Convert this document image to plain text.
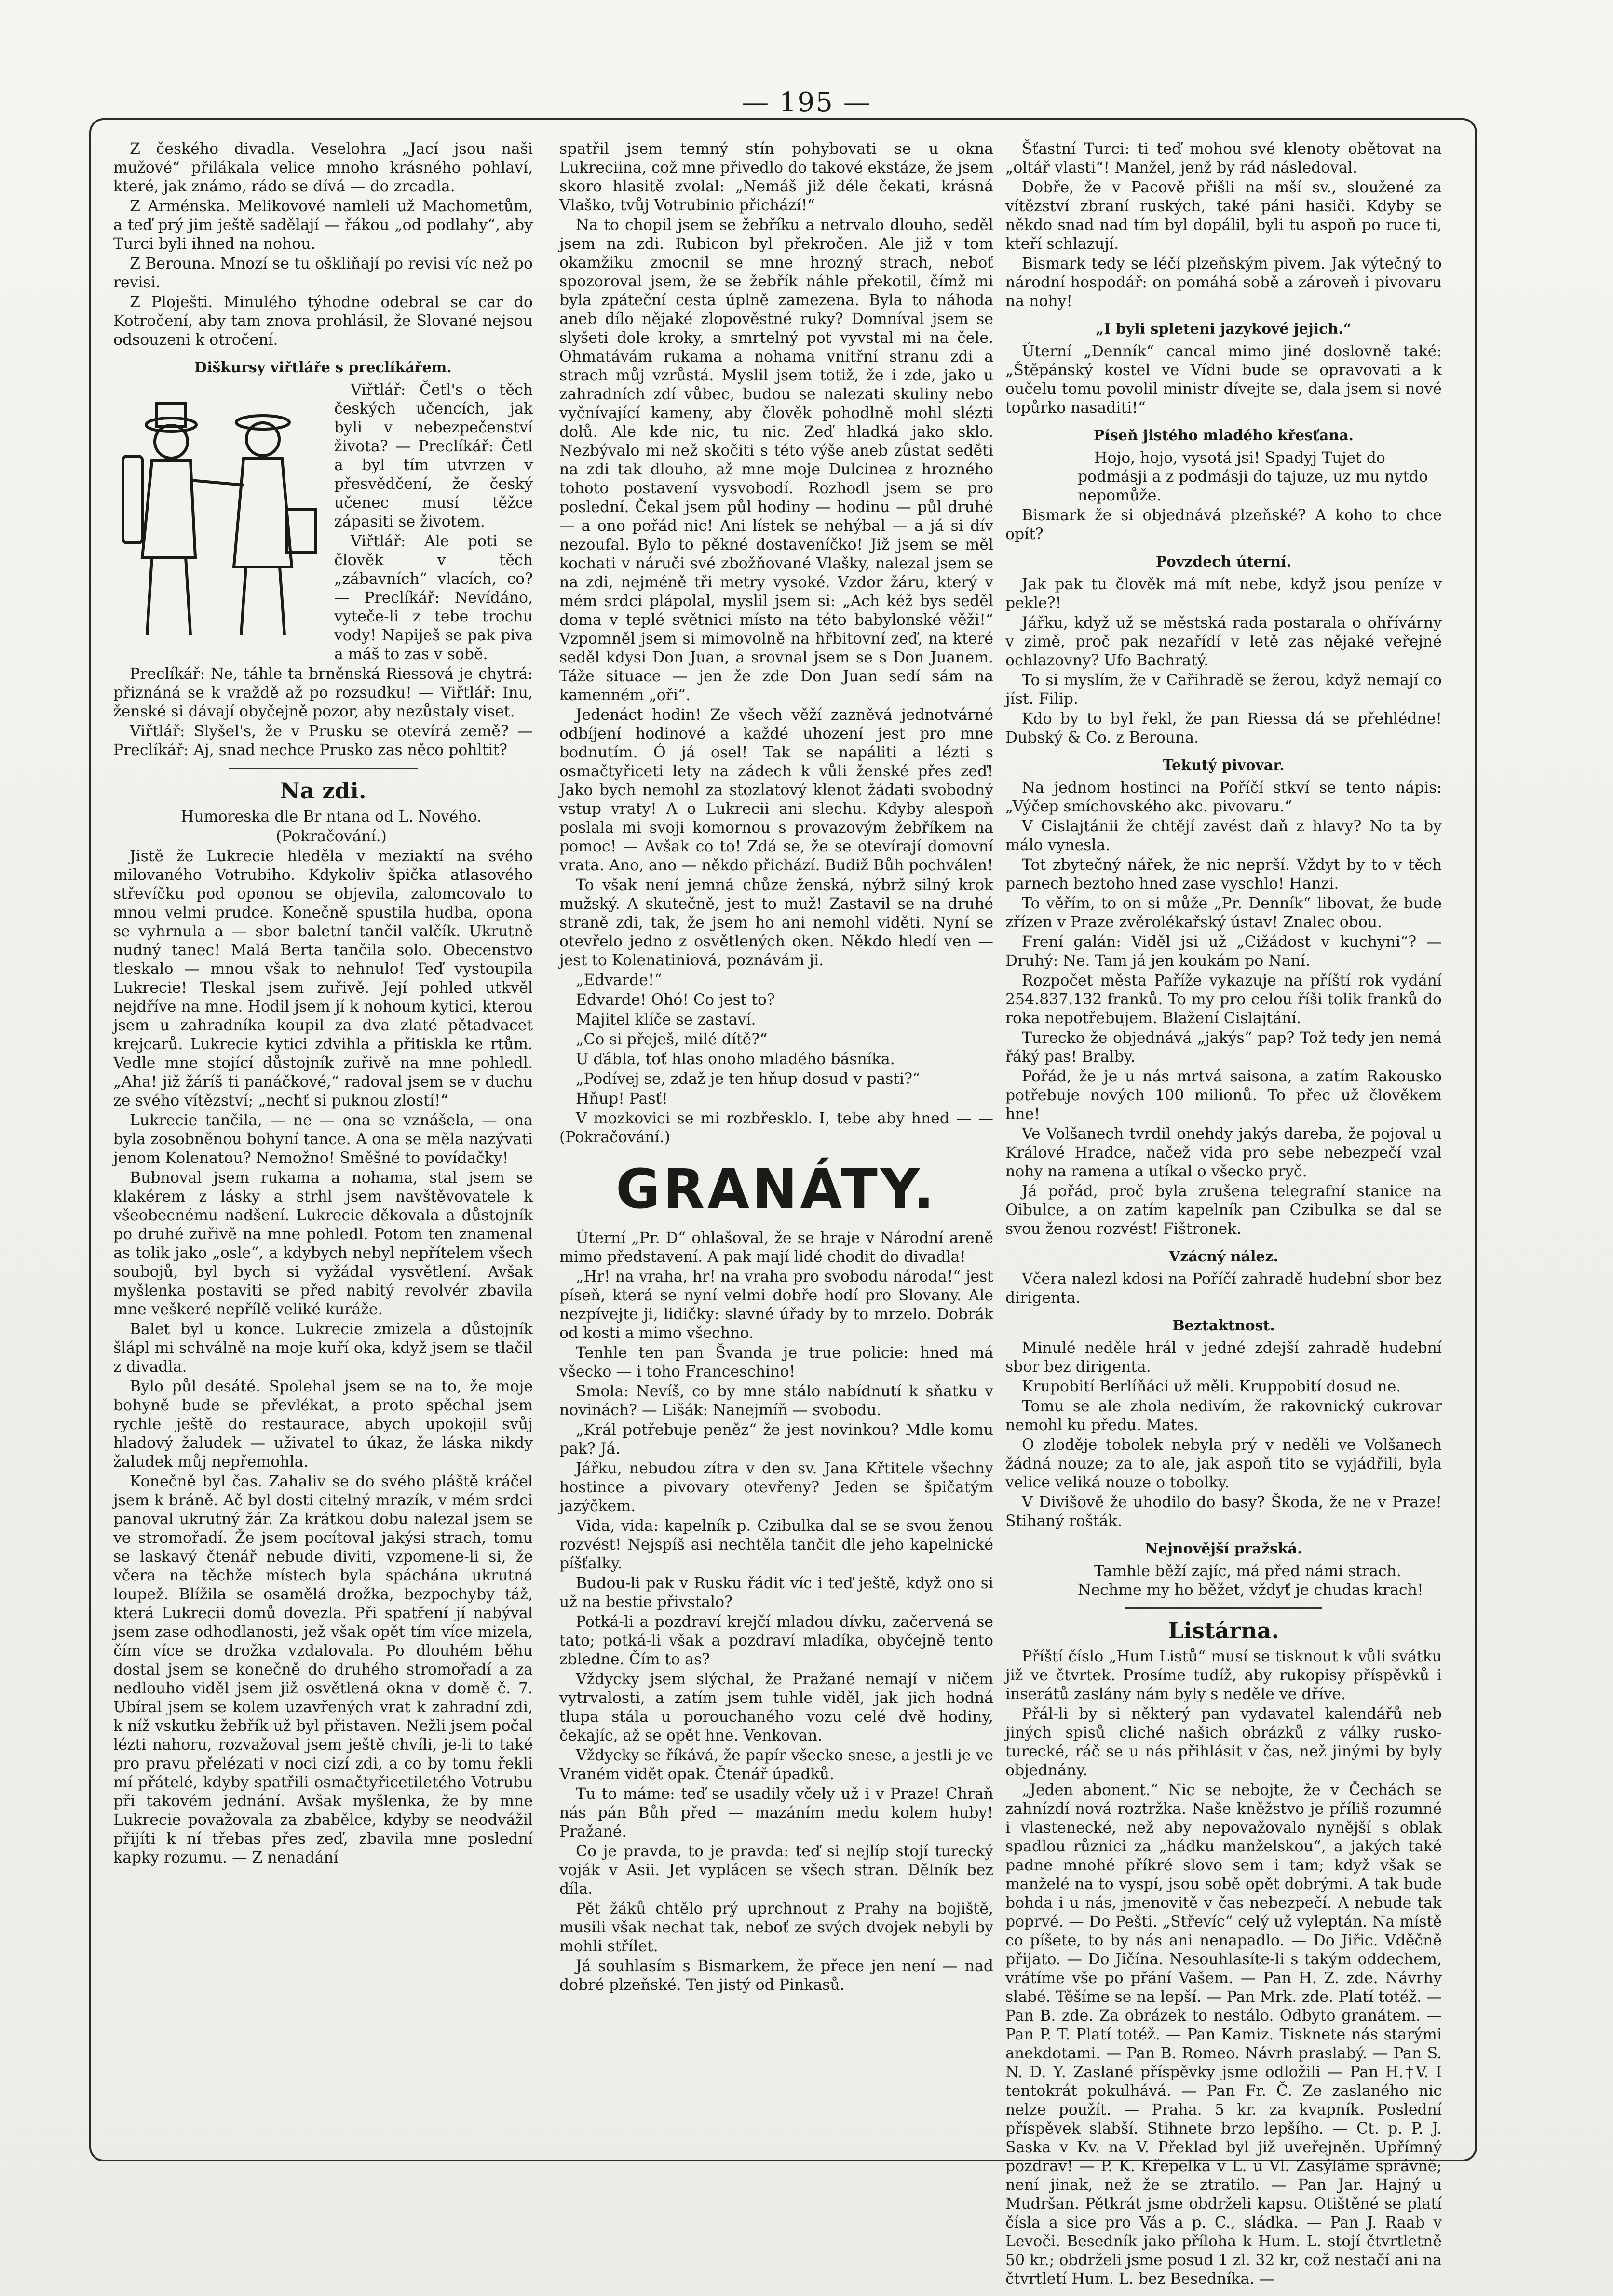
— 195 —

Z českého divadla. Veselohra „Jací jsou naši mužové“ přilákala velice mnoho krásného pohlaví, které, jak známo, rádo se dívá — do zrcadla.

Z Arménska. Melikovové namleli už Machometům, a teď prý jim ještě sadělají — řákou „od podlahy“, aby Turci byli ihned na nohou.

Z Berouna. Mnozí se tu oškliňají po revisi víc než po revisi.

Z Ploješti. Minulého týhodne odebral se car do Kotročení, aby tam znova prohlásil, že Slované nejsou odsouzeni k otročení.

Diškursy viřtláře s preclíkářem.

Viřtlář: Četl's o těch českých učencích, jak byli v nebezpečenství života? — Preclíkář: Četl a byl tím utvrzen v přesvědčení, že český učenec musí těžce zápasiti se životem.

Viřtlář: Ale poti se člověk v těch „zábavních“ vlacích, co? — Preclíkář: Nevídáno, vyteče-li z tebe trochu vody! Napiješ se pak piva a máš to zas v sobě.

Preclíkář: Ne, táhle ta brněnská Riessová je chytrá: přiznáná se k vraždě až po rozsudku! — Viřtlář: Inu, ženské si dávají obyčejně pozor, aby nezůstaly viset.

Viřtlář: Slyšel's, že v Prusku se otevírá země? — Preclíkář: Aj, snad nechce Prusko zas něco pohltit?

Na zdi.

Humoreska dle Br ntana od L. Nového.

(Pokračování.)

Jistě že Lukrecie hleděla v meziaktí na svého milovaného Votrubiho. Kdykoliv špička atlasového střevíčku pod oponou se objevila, zalomcovalo to mnou velmi prudce. Konečně spustila hudba, opona se vyhrnula a — sbor baletní tančil valčík. Ukrutně nudný tanec! Malá Berta tančila solo. Obecenstvo tleskalo — mnou však to nehnulo! Teď vystoupila Lukrecie! Tleskal jsem zuřivě. Její pohled utkvěl nejdříve na mne. Hodil jsem jí k nohoum kytici, kterou jsem u zahradníka koupil za dva zlaté pětadvacet krejcarů. Lukrecie kytici zdvihla a přitiskla ke rtům. Vedle mne stojící důstojník zuřivě na mne pohledl. „Aha! již žáríš ti panáčkové,“ radoval jsem se v duchu ze svého vítězství; „nechť si puknou zlostí!“

Lukrecie tančila, — ne — ona se vznášela, — ona byla zosobněnou bohyní tance. A ona se měla nazývati jenom Kolenatou? Nemožno! Směšné to povídačky!

Bubnoval jsem rukama a nohama, stal jsem se klakérem z lásky a strhl jsem navštěvovatele k všeobecnému nadšení. Lukrecie děkovala a důstojník po druhé zuřivě na mne pohledl. Potom ten znamenal as tolik jako „osle“, a kdybych nebyl nepřítelem všech soubojů, byl bych si vyžádal vysvětlení. Avšak myšlenka postaviti se před nabitý revolvér zbavila mne veškeré nepřílě veliké kuráže.

Balet byl u konce. Lukrecie zmizela a důstojník šlápl mi schválně na moje kuří oka, když jsem se tlačil z divadla.

Bylo půl desáté. Spolehal jsem se na to, že moje bohyně bude se převlékat, a proto spěchal jsem rychle ještě do restaurace, abych upokojil svůj hladový žaludek — uživatel to úkaz, že láska nikdy žaludek můj nepřemohla.

Konečně byl čas. Zahaliv se do svého pláště kráčel jsem k bráně. Ač byl dosti citelný mrazík, v mém srdci panoval ukrutný žár. Za krátkou dobu nalezal jsem se ve stromořadí. Že jsem pocítoval jakýsi strach, tomu se laskavý čtenář nebude diviti, vzpomene-li si, že včera na těchže místech byla spáchána ukrutná loupež. Blížila se osamělá drožka, bezpochyby táž, která Lukrecii domů dovezla. Při spatření jí nabýval jsem zase odhodlanosti, jež však opět tím více mizela, čím více se drožka vzdalovala. Po dlouhém běhu dostal jsem se konečně do druhého stromořadí a za nedlouho viděl jsem již osvětlená okna v domě č. 7. Ubíral jsem se kolem uzavřených vrat k zahradní zdi, k níž vskutku žebřík už byl přistaven. Nežli jsem počal lézti nahoru, rozvažoval jsem ještě chvíli, je-li to také pro pravu přelézati v noci cizí zdi, a co by tomu řekli mí přátelé, kdyby spatřili osmačtyřicetiletého Votrubu při takovém jednání. Avšak myšlenka, že by mne Lukrecie považovala za zbabělce, kdyby se neodvážil přijíti k ní třebas přes zeď, zbavila mne poslední kapky rozumu. — Z nenadání

spatřil jsem temný stín pohybovati se u okna Lukreciina, což mne přivedlo do takové ekstáze, že jsem skoro hlasitě zvolal: „Nemáš již déle čekati, krásná Vlaško, tvůj Votrubinio přichází!“

Na to chopil jsem se žebříku a netrvalo dlouho, seděl jsem na zdi. Rubicon byl překročen. Ale již v tom okamžiku zmocnil se mne hrozný strach, neboť spozoroval jsem, že se žebřík náhle překotil, čímž mi byla zpáteční cesta úplně zamezena. Byla to náhoda aneb dílo nějaké zlopověstné ruky? Domníval jsem se slyšeti dole kroky, a smrtelný pot vyvstal mi na čele. Ohmatávám rukama a nohama vnitřní stranu zdi a strach můj vzrůstá. Myslil jsem totiž, že i zde, jako u zahradních zdí vůbec, budou se nalezati skuliny nebo vyčnívající kameny, aby člověk pohodlně mohl slézti dolů. Ale kde nic, tu nic. Zeď hladká jako sklo. Nezbývalo mi než skočiti s této výše aneb zůstat seděti na zdi tak dlouho, až mne moje Dulcinea z hrozného tohoto postavení vysvobodí. Rozhodl jsem se pro poslední. Čekal jsem půl hodiny — hodinu — půl druhé — a ono pořád nic! Ani lístek se nehýbal — a já si dív nezoufal. Bylo to pěkné dostaveníčko! Již jsem se měl kochati v náruči své zbožňované Vlašky, nalezal jsem se na zdi, nejméně tři metry vysoké. Vzdor žáru, který v mém srdci plápolal, myslil jsem si: „Ach kéž bys seděl doma v teplé světnici místo na této babylonské věži!“ Vzpomněl jsem si mimovolně na hřbitovní zeď, na které seděl kdysi Don Juan, a srovnal jsem se s Don Juanem. Táže situace — jen že zde Don Juan sedí sám na kamenném „oři“.

Jedenáct hodin! Ze všech věží zazněvá jednotvárné odbíjení hodinové a každé uhození jest pro mne bodnutím. Ó já osel! Tak se napáliti a lézti s osmačtyřiceti lety na zádech k vůli ženské přes zeď! Jako bych nemohl za stozlatový klenot žádati svobodný vstup vraty! A o Lukrecii ani slechu. Kdyby alespoň poslala mi svoji komornou s provazovým žebříkem na pomoc! — Avšak co to! Zdá se, že se otevírají domovní vrata. Ano, ano — někdo přichází. Budiž Bůh pochválen!

To však není jemná chůze ženská, nýbrž silný krok mužský. A skutečně, jest to muž! Zastavil se na druhé straně zdi, tak, že jsem ho ani nemohl viděti. Nyní se otevřelo jedno z osvětlených oken. Někdo hledí ven — jest to Kolenatiniová, poznávám ji.

„Edvarde!“

Edvarde! Ohó! Co jest to?

Majitel klíče se zastaví.

„Co si přeješ, milé dítě?“

U ďábla, toť hlas onoho mladého básníka.

„Podívej se, zdaž je ten hňup dosud v pasti?“

Hňup! Pasť!

V mozkovici se mi rozbřesklo. I, tebe aby hned — — (Pokračování.)

GRANÁTY.

Úterní „Pr. D“ ohlašoval, že se hraje v Národní areně mimo představení. A pak mají lidé chodit do divadla!

„Hr! na vraha, hr! na vraha pro svobodu národa!“ jest píseň, která se nyní velmi dobře hodí pro Slovany. Ale nezpívejte ji, lidičky: slavné úřady by to mrzelo. Dobrák od kosti a mimo všechno.

Tenhle ten pan Švanda je true policie: hned má všecko — i toho Franceschino!

Smola: Nevíš, co by mne stálo nabídnutí k sňatku v novinách? — Lišák: Nanejmíň — svobodu.

„Král potřebuje peněz“ že jest novinkou? Mdle komu pak? Já.

Jářku, nebudou zítra v den sv. Jana Křtitele všechny hostince a pivovary otevřeny? Jeden se špičatým jazýčkem.

Vida, vida: kapelník p. Czibulka dal se se svou ženou rozvést! Nejspíš asi nechtěla tančit dle jeho kapelnické píšťalky.

Budou-li pak v Rusku řádit víc i teď ještě, když ono si už na bestie přivstalo?

Potká-li a pozdraví krejčí mladou dívku, začervená se tato; potká-li však a pozdraví mladíka, obyčejně tento zbledne. Čím to as?

Vždycky jsem slýchal, že Pražané nemají v ničem vytrvalosti, a zatím jsem tuhle viděl, jak jich hodná tlupa stála u porouchaného vozu celé dvě hodiny, čekajíc, až se opět hne. Venkovan.

Vždycky se říkává, že papír všecko snese, a jestli je ve Vraném vidět opak. Čtenář úpadků.

Tu to máme: teď se usadily včely už i v Praze! Chraň nás pán Bůh před — mazáním medu kolem huby! Pražané.

Co je pravda, to je pravda: teď si nejlíp stojí turecký voják v Asii. Jet vyplácen se všech stran. Dělník bez díla.

Pět žáků chtělo prý uprchnout z Prahy na bojiště, musili však nechat tak, neboť ze svých dvojek nebyli by mohli střílet.

Já souhlasím s Bismarkem, že přece jen není — nad dobré plzeňské. Ten jistý od Pinkasů.

Šťastní Turci: ti teď mohou své klenoty obětovat na „oltář vlasti“! Manžel, jenž by rád následoval.

Dobře, že v Pacově přišli na mší sv., sloužené za vítězství zbraní ruských, také páni hasiči. Kdyby se někdo snad nad tím byl dopálil, byli tu aspoň po ruce ti, kteří schlazují.

Bismark tedy se léčí plzeňským pivem. Jak výtečný to národní hospodář: on pomáhá sobě a zároveň i pivovaru na nohy!

„I byli spleteni jazykové jejich.“

Úterní „Denník“ cancal mimo jiné doslovně také: „Štěpánský kostel ve Vídni bude se opravovati a k oučelu tomu povolil ministr dívejte se, dala jsem si nové topůrko nasaditi!“

Píseň jistého mladého křesťana.

Hojo, hojo, vysotá jsi! Spadyj Tujet do podmásji a z podmásji do tajuze, uz mu nytdo nepomůže.

Bismark že si objednává plzeňské? A koho to chce opít?

Povzdech úterní.

Jak pak tu člověk má mít nebe, když jsou peníze v pekle?!

Jářku, když už se městská rada postarala o ohřívárny v zimě, proč pak nezařídí v letě zas nějaké veřejné ochlazovny? Ufo Bachratý.

To si myslím, že v Cařihradě se žerou, když nemají co jíst. Filip.

Kdo by to byl řekl, že pan Riessa dá se přehlédne! Dubský & Co. z Berouna.

Tekutý pivovar.

Na jednom hostinci na Poříčí stkví se tento nápis: „Výčep smíchovského akc. pivovaru.“

V Cislajtánii že chtějí zavést daň z hlavy? No ta by málo vynesla.

Tot zbytečný nářek, že nic neprší. Vždyt by to v těch parnech beztoho hned zase vyschlo! Hanzi.

To věřím, to on si může „Pr. Denník“ libovat, že bude zřízen v Praze zvěrolékařský ústav! Znalec obou.

Frení galán: Viděl jsi už „Cižádost v kuchyni“? — Druhý: Ne. Tam já jen koukám po Naní.

Rozpočet města Paříže vykazuje na příští rok vydání 254.837.132 franků. To my pro celou říši tolik franků do roka nepotřebujem. Blažení Cislajtání.

Turecko že objednává „jakýs“ pap? Tož tedy jen nemá řáký pas! Bralby.

Pořád, že je u nás mrtvá saisona, a zatím Rakousko potřebuje nových 100 milionů. To přec už člověkem hne!

Ve Volšanech tvrdil onehdy jakýs dareba, že pojoval u Králové Hradce, načež vida pro sebe nebezpečí vzal nohy na ramena a utíkal o všecko pryč.

Já pořád, proč byla zrušena telegrafní stanice na Oibulce, a on zatím kapelník pan Czibulka se dal se svou ženou rozvést! Fištronek.

Vzácný nález.

Včera nalezl kdosi na Poříčí zahradě hudební sbor bez dirigenta.

Beztaktnost.

Minulé neděle hrál v jedné zdejší zahradě hudební sbor bez dirigenta.

Krupobití Berlíňáci už měli. Kruppobití dosud ne.

Tomu se ale zhola nedivím, že rakovnický cukrovar nemohl ku předu. Mates.

O zloděje tobolek nebyla prý v neděli ve Volšanech žádná nouze; za to ale, jak aspoň tito se vyjádřili, byla velice veliká nouze o tobolky.

V Divišově že uhodilo do basy? Škoda, že ne v Praze! Stihaný rošták.

Nejnovější pražská.

Tamhle běží zajíc, má před námi strach. Nechme my ho běžet, vždyť je chudas krach!

Listárna.

Příští číslo „Hum Listů“ musí se tisknout k vůli svátku již ve čtvrtek. Prosíme tudíž, aby rukopisy příspěvků i inserátů zaslány nám byly s neděle ve dříve.

Přál-li by si některý pan vydavatel kalendářů neb jiných spisů cliché našich obrázků z války rusko-turecké, ráč se u nás přihlásit v čas, než jinými by byly objednány.

„Jeden abonent.“ Nic se nebojte, že v Čechách se zahnízdí nová roztržka. Naše kněžstvo je příliš rozumné i vlastenecké, než aby nepovažovalo nynější s oblak spadlou různici za „hádku manželskou“, a jakých také padne mnohé příkré slovo sem i tam; když však se manželé na to vyspí, jsou sobě opět dobrými. A tak bude bohda i u nás, jmenovitě v čas nebezpečí. A nebude tak poprvé. — Do Pešti. „Střevíc“ celý už vyleptán. Na místě co píšete, to by nás ani nenapadlo. — Do Jiřic. Vděčně přijato. — Do Jičína. Nesouhlasíte-li s takým oddechem, vrátíme vše po přání Vašem. — Pan H. Z. zde. Návrhy slabé. Těšíme se na lepší. — Pan Mrk. zde. Platí totéž. — Pan B. zde. Za obrázek to nestálo. Odbyto granátem. — Pan P. T. Platí totéž. — Pan Kamiz. Tisknete nás starými anekdotami. — Pan B. Romeo. Návrh praslabý. — Pan S. N. D. Y. Zaslané příspěvky jsme odložili — Pan H.†V. I tentokrát pokulhává. — Pan Fr. Č. Ze zaslaného nic nelze použít. — Praha. 5 kr. za kvapník. Poslední příspěvek slabší. Stihnete brzo lepšího. — Ct. p. P. J. Saska v Kv. na V. Překlad byl již uveřejněn. Upřímný pozdrav! — P. K. Křepelka v L. u Vl. Zasýláme správně; není jinak, než že se ztratilo. — Pan Jar. Hajný u Mudršan. Pětkrát jsme obdrželi kapsu. Otištěné se platí čísla a sice pro Vás a p. C., sládka. — Pan J. Raab v Levoči. Besedník jako příloha k Hum. L. stojí čtvrtletně 50 kr.; obdrželi jsme posud 1 zl. 32 kr, což nestačí ani na čtvrtletí Hum. L. bez Besedníka. —
